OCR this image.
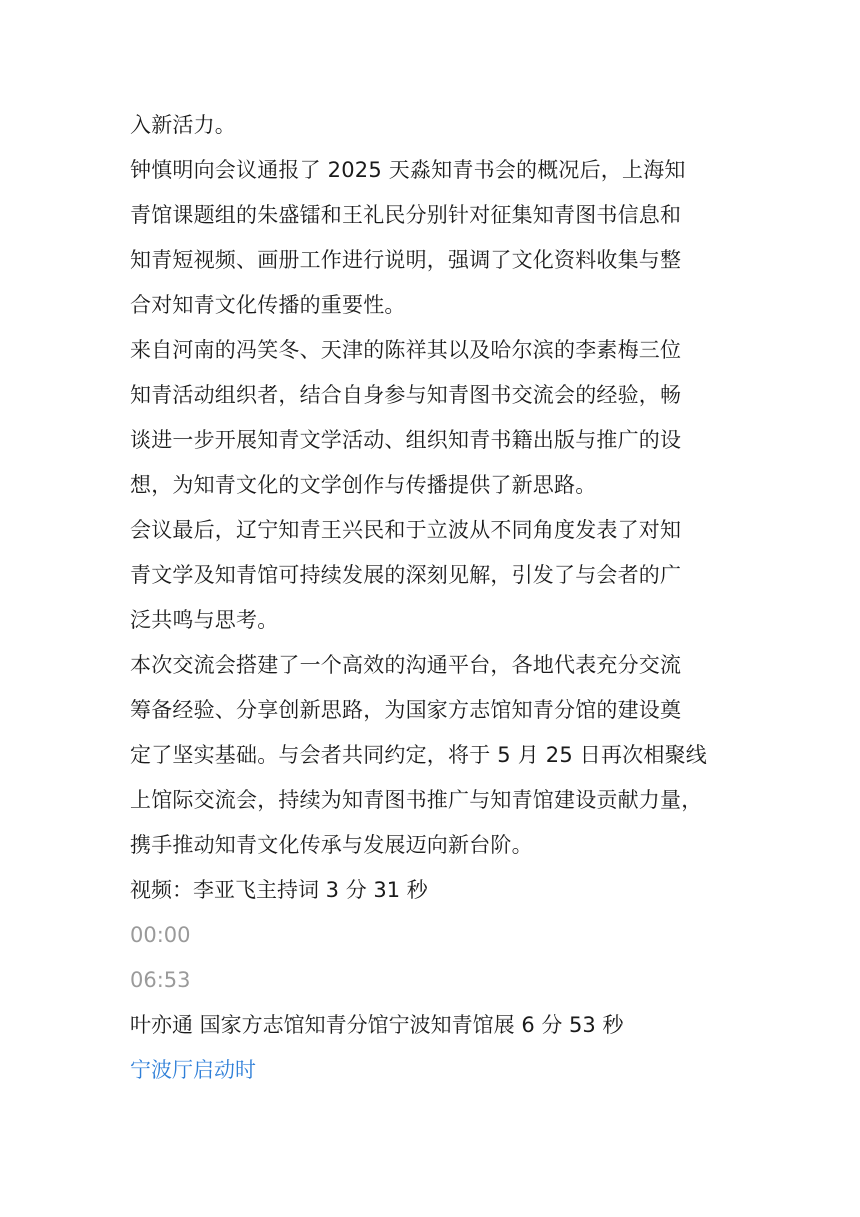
入新活力。

钟慎明向会议通报了 2025 天淼知青书会的概况后，上海知
青馆课题组的朱盛镭和王礼民分别针对征集知青图书信息和
知青短视频、画册工作进行说明，强调了文化资料收集与整
合对知青文化传播的重要性。

来自河南的冯笑冬、天津的陈祥其以及哈尔滨的李素梅三位
知青活动组织者，结合自身参与知青图书交流会的经验，畅
谈进一步开展知青文学活动、组织知青书籍出版与推广的设
想，为知青文化的文学创作与传播提供了新思路。

会议最后，辽宁知青王兴民和于立波从不同角度发表了对知
青文学及知青馆可持续发展的深刻见解，引发了与会者的广
泛共鸣与思考。

本次交流会搭建了一个高效的沟通平台，各地代表充分交流
筹备经验、分享创新思路，为国家方志馆知青分馆的建设奠
定了坚实基础。与会者共同约定，将于 5 月 25 日再次相聚线
上馆际交流会，持续为知青图书推广与知青馆建设贡献力量，
携手推动知青文化传承与发展迈向新台阶。

视频：李亚飞主持词 3 分 31 秒

00:00

06:53

叶亦通 国家方志馆知青分馆宁波知青馆展 6 分 53 秒

宁波厅启动时
